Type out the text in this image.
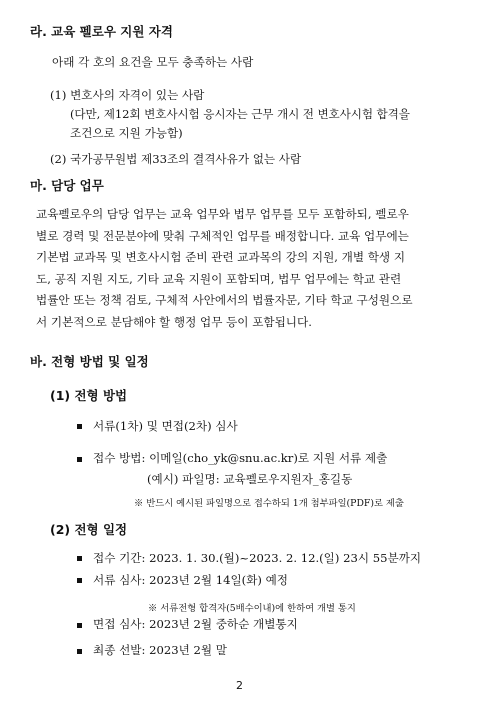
라. 교육 펠로우 지원 자격
아래 각 호의 요건을 모두 충족하는 사람
(1) 변호사의 자격이 있는 사람
(다만, 제12회 변호사시험 응시자는 근무 개시 전 변호사시험 합격을
조건으로 지원 가능함)
(2) 국가공무원법 제33조의 결격사유가 없는 사람
마. 담당 업무
교육펠로우의 담당 업무는 교육 업무와 법무 업무를 모두 포함하되, 펠로우
별로 경력 및 전문분야에 맞춰 구체적인 업무를 배정합니다. 교육 업무에는
기본법 교과목 및 변호사시험 준비 관련 교과목의 강의 지원, 개별 학생 지
도, 공직 지원 지도, 기타 교육 지원이 포함되며, 법무 업무에는 학교 관련
법률안 또는 정책 검토, 구체적 사안에서의 법률자문, 기타 학교 구성원으로
서 기본적으로 분담해야 할 행정 업무 등이 포함됩니다.
바. 전형 방법 및 일정
(1) 전형 방법
서류(1차) 및 면접(2차) 심사
접수 방법: 이메일(cho_yk@snu.ac.kr)로 지원 서류 제출
(예시) 파일명: 교육펠로우지원자_홍길동
※ 반드시 예시된 파일명으로 접수하되 1개 첨부파일(PDF)로 제출
(2) 전형 일정
접수 기간: 2023. 1. 30.(월)~2023. 2. 12.(일) 23시 55분까지
서류 심사: 2023년 2월 14일(화) 예정
※ 서류전형 합격자(5배수이내)에 한하여 개별 통지
면접 심사: 2023년 2월 중하순 개별통지
최종 선발: 2023년 2월 말
2
